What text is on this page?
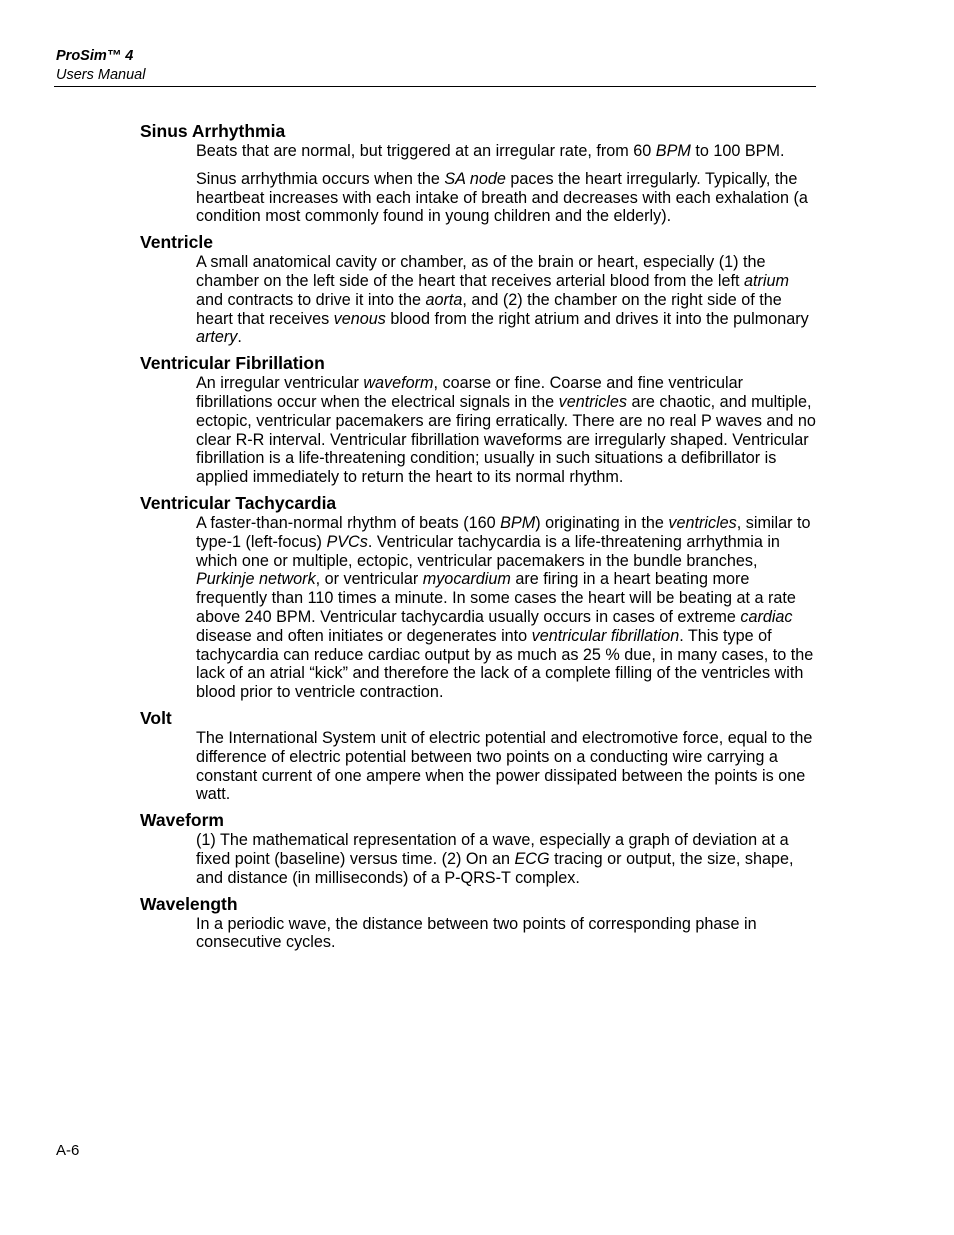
ProSim™ 4
Users Manual
Sinus Arrhythmia
Beats that are normal, but triggered at an irregular rate, from 60 BPM to 100 BPM.
Sinus arrhythmia occurs when the SA node paces the heart irregularly. Typically, the heartbeat increases with each intake of breath and decreases with each exhalation (a condition most commonly found in young children and the elderly).
Ventricle
A small anatomical cavity or chamber, as of the brain or heart, especially (1) the chamber on the left side of the heart that receives arterial blood from the left atrium and contracts to drive it into the aorta, and (2) the chamber on the right side of the heart that receives venous blood from the right atrium and drives it into the pulmonary artery.
Ventricular Fibrillation
An irregular ventricular waveform, coarse or fine. Coarse and fine ventricular fibrillations occur when the electrical signals in the ventricles are chaotic, and multiple, ectopic, ventricular pacemakers are firing erratically. There are no real P waves and no clear R-R interval. Ventricular fibrillation waveforms are irregularly shaped. Ventricular fibrillation is a life-threatening condition; usually in such situations a defibrillator is applied immediately to return the heart to its normal rhythm.
Ventricular Tachycardia
A faster-than-normal rhythm of beats (160 BPM) originating in the ventricles, similar to type-1 (left-focus) PVCs. Ventricular tachycardia is a life-threatening arrhythmia in which one or multiple, ectopic, ventricular pacemakers in the bundle branches, Purkinje network, or ventricular myocardium are firing in a heart beating more frequently than 110 times a minute. In some cases the heart will be beating at a rate above 240 BPM. Ventricular tachycardia usually occurs in cases of extreme cardiac disease and often initiates or degenerates into ventricular fibrillation. This type of tachycardia can reduce cardiac output by as much as 25 % due, in many cases, to the lack of an atrial “kick” and therefore the lack of a complete filling of the ventricles with blood prior to ventricle contraction.
Volt
The International System unit of electric potential and electromotive force, equal to the difference of electric potential between two points on a conducting wire carrying a constant current of one ampere when the power dissipated between the points is one watt.
Waveform
(1) The mathematical representation of a wave, especially a graph of deviation at a fixed point (baseline) versus time. (2) On an ECG tracing or output, the size, shape, and distance (in milliseconds) of a P-QRS-T complex.
Wavelength
In a periodic wave, the distance between two points of corresponding phase in consecutive cycles.
A-6
